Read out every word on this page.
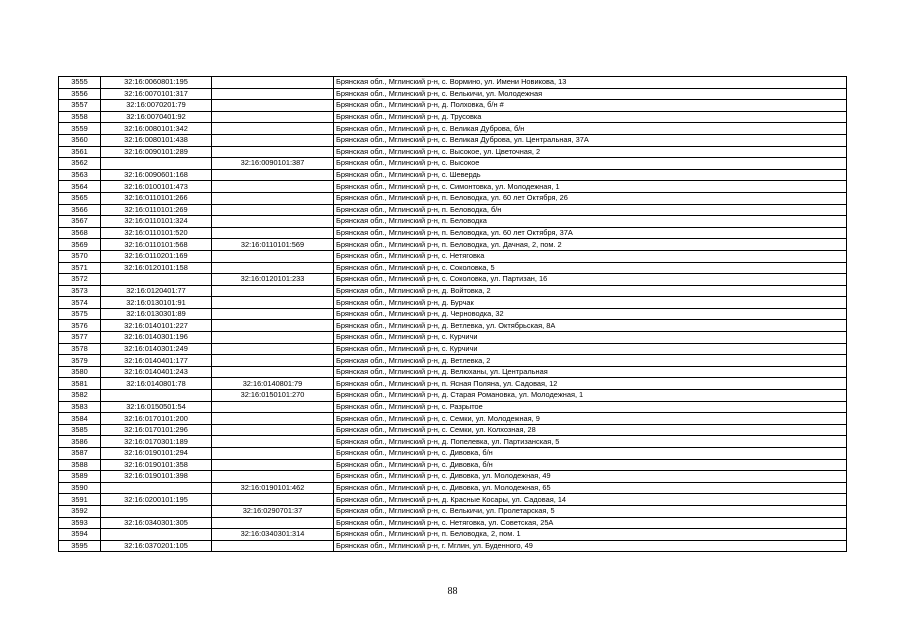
3555	32:16:0060801:195		Брянская обл., Мглинский р-н, с. Вормино, ул. Имени Новикова, 13
3556	32:16:0070101:317		Брянская обл., Мглинский р-н, с. Велькичи, ул. Молодежная
3557	32:16:0070201:79		Брянская обл., Мглинский р-н, д. Полховка, б/н #
3558	32:16:0070401:92		Брянская обл., Мглинский р-н, д. Трусовка
3559	32:16:0080101:342		Брянская обл., Мглинский р-н, с. Великая Дуброва, б/н
3560	32:16:0080101:438		Брянская обл., Мглинский р-н, с. Великая Дуброва, ул. Центральная, 37А
3561	32:16:0090101:289		Брянская обл., Мглинский р-н, с. Высокое, ул. Цветочная, 2
3562		32:16:0090101:387	Брянская обл., Мглинский р-н, с. Высокое
3563	32:16:0090601:168		Брянская обл., Мглинский р-н, с. Шевердь
3564	32:16:0100101:473		Брянская обл., Мглинский р-н, с. Симонтовка, ул. Молодежная, 1
3565	32:16:0110101:266		Брянская обл., Мглинский р-н, п. Беловодка, ул. 60 лет Октября, 26
3566	32:16:0110101:269		Брянская обл., Мглинский р-н, п. Беловодка, б/н
3567	32:16:0110101:324		Брянская обл., Мглинский р-н, п. Беловодка
3568	32:16:0110101:520		Брянская обл., Мглинский р-н, п. Беловодка, ул. 60 лет Октября, 37А
3569	32:16:0110101:568	32:16:0110101:569	Брянская обл., Мглинский р-н, п. Беловодка, ул. Дачная, 2, пом. 2
3570	32:16:0110201:169		Брянская обл., Мглинский р-н, с. Нетяговка
3571	32:16:0120101:158		Брянская обл., Мглинский р-н, с. Соколовка, 5
3572		32:16:0120101:233	Брянская обл., Мглинский р-н, с. Соколовка, ул. Партизан, 16
3573	32:16:0120401:77		Брянская обл., Мглинский р-н, д. Войтовка, 2
3574	32:16:0130101:91		Брянская обл., Мглинский р-н, д. Бурчак
3575	32:16:0130301:89		Брянская обл., Мглинский р-н, д. Черноводка, 32
3576	32:16:0140101:227		Брянская обл., Мглинский р-н, д. Ветлевка, ул. Октябрьская, 8А
3577	32:16:0140301:196		Брянская обл., Мглинский р-н, с. Курчичи
3578	32:16:0140301:249		Брянская обл., Мглинский р-н, с. Курчичи
3579	32:16:0140401:177		Брянская обл., Мглинский р-н, д. Ветлевка, 2
3580	32:16:0140401:243		Брянская обл., Мглинский р-н, д. Велюханы, ул. Центральная
3581	32:16:0140801:78	32:16:0140801:79	Брянская обл., Мглинский р-н, п. Ясная Поляна, ул. Садовая, 12
3582		32:16:0150101:270	Брянская обл., Мглинский р-н, д. Старая Романовка, ул. Молодежная, 1
3583	32:16:0150501:54		Брянская обл., Мглинский р-н, с. Разрытое
3584	32:16:0170101:200		Брянская обл., Мглинский р-н, с. Семки, ул. Молодежная, 9
3585	32:16:0170101:296		Брянская обл., Мглинский р-н, с. Семки, ул. Колхозная, 28
3586	32:16:0170301:189		Брянская обл., Мглинский р-н, д. Попелевка, ул. Партизанская, 5
3587	32:16:0190101:294		Брянская обл., Мглинский р-н, с. Дивовка, б/н
3588	32:16:0190101:358		Брянская обл., Мглинский р-н, с. Дивовка, б/н
3589	32:16:0190101:398		Брянская обл., Мглинский р-н, с. Дивовка, ул. Молодежная, 49
3590		32:16:0190101:462	Брянская обл., Мглинский р-н, с. Дивовка, ул. Молодежная, 65
3591	32:16:0200101:195		Брянская обл., Мглинский р-н, д. Красные Косары, ул. Садовая, 14
3592		32:16:0290701:37	Брянская обл., Мглинский р-н, с. Велькичи, ул. Пролетарская, 5
3593	32:16:0340301:305		Брянская обл., Мглинский р-н, с. Нетяговка, ул. Советская, 25А
3594		32:16:0340301:314	Брянская обл., Мглинский р-н, п. Беловодка, 2, пом. 1
3595	32:16:0370201:105		Брянская обл., Мглинский р-н, г. Мглин, ул. Буденного, 49
88
